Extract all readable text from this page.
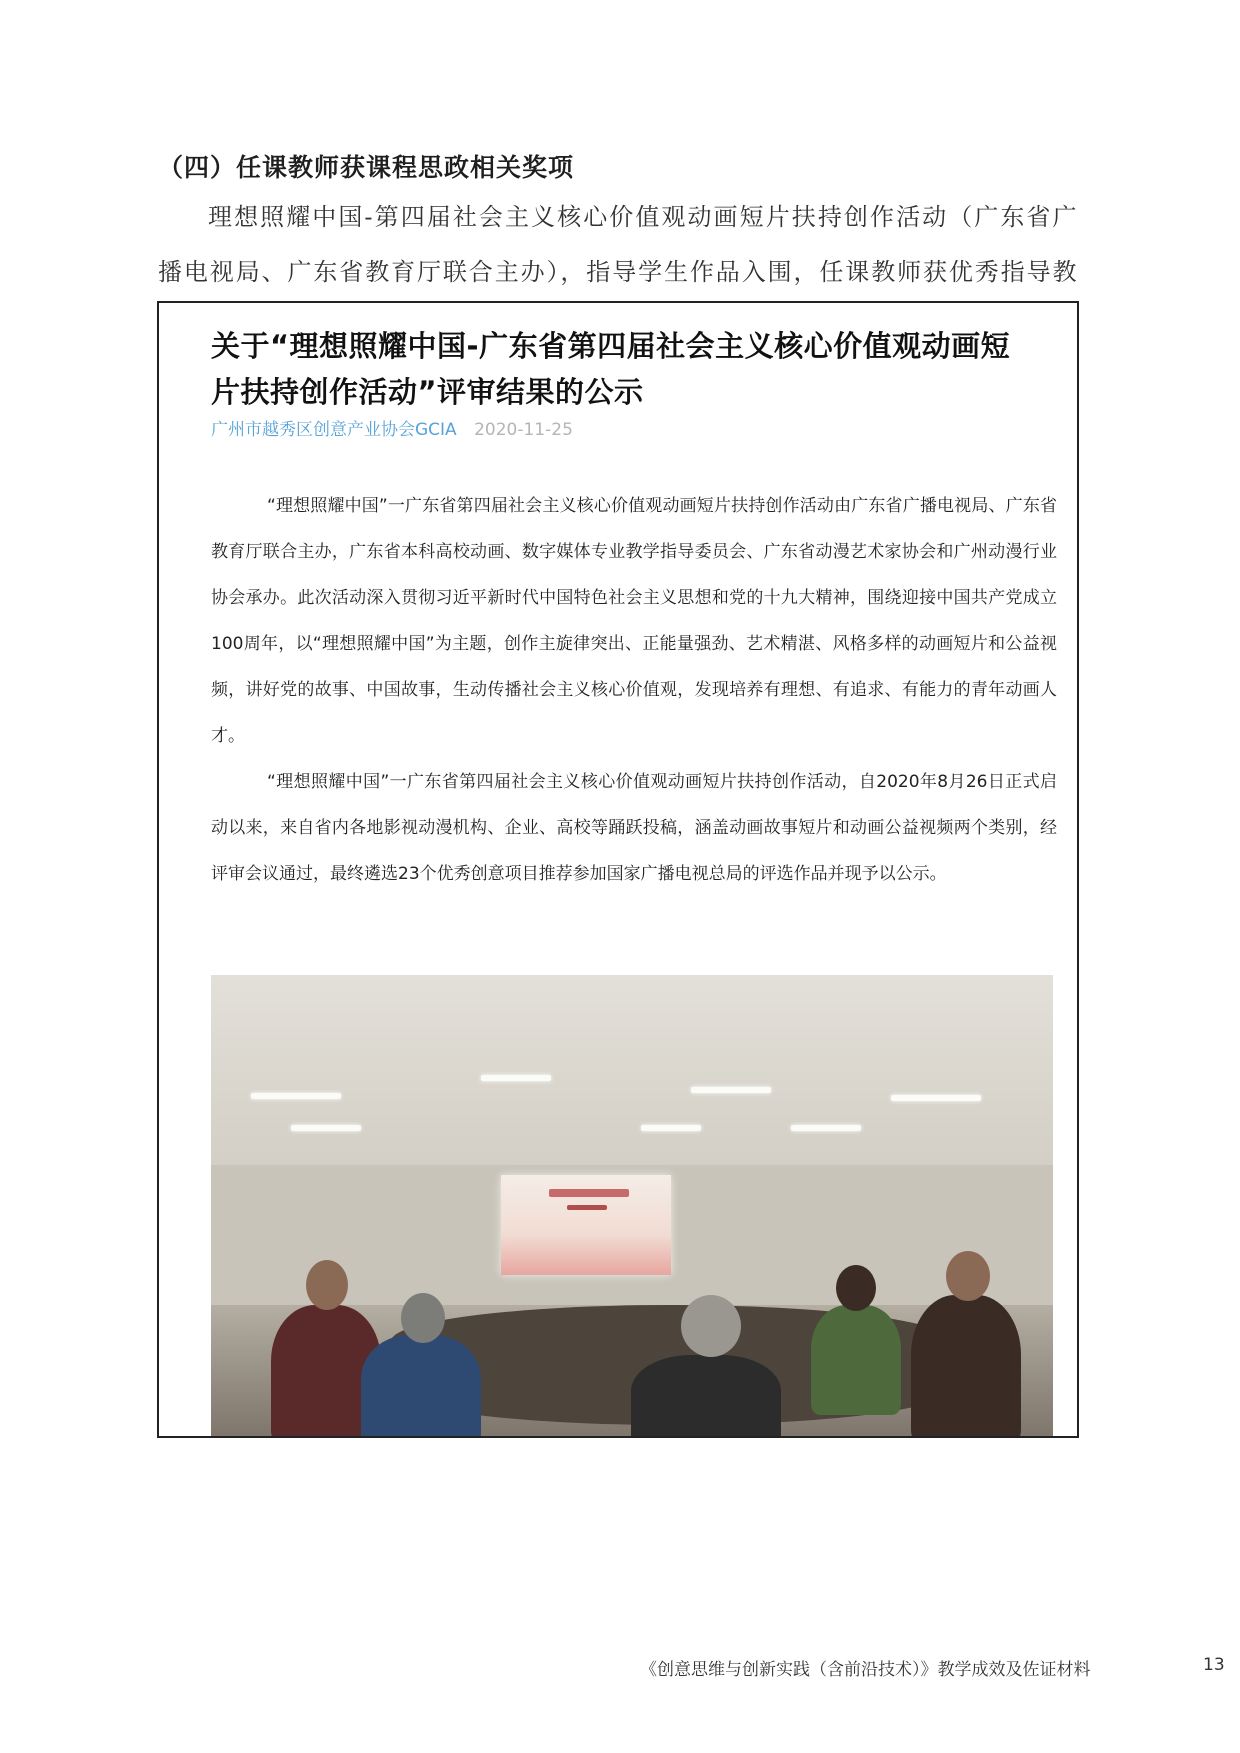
（四）任课教师获课程思政相关奖项
理想照耀中国-第四届社会主义核心价值观动画短片扶持创作活动（广东省广播电视局、广东省教育厅联合主办），指导学生作品入围，任课教师获优秀指导教
关于“理想照耀中国-广东省第四届社会主义核心价值观动画短片扶持创作活动”评审结果的公示
广州市越秀区创意产业协会GCIA 2020-11-25

“理想照耀中国”一广东省第四届社会主义核心价值观动画短片扶持创作活动由广东省广播电视局、广东省教育厅联合主办，广东省本科高校动画、数字媒体专业教学指导委员会、广东省动漫艺术家协会和广州动漫行业协会承办。此次活动深入贯彻习近平新时代中国特色社会主义思想和党的十九大精神，围绕迎接中国共产党成立100周年，以“理想照耀中国”为主题，创作主旋律突出、正能量强劲、艺术精湛、风格多样的动画短片和公益视频，讲好党的故事、中国故事，生动传播社会主义核心价值观，发现培养有理想、有追求、有能力的青年动画人才。

“理想照耀中国”一广东省第四届社会主义核心价值观动画短片扶持创作活动，自2020年8月26日正式启动以来，来自省内各地影视动漫机构、企业、高校等踊跃投稿，涵盖动画故事短片和动画公益视频两个类别，经评审会议通过，最终遴选23个优秀创意项目推荐参加国家广播电视总局的评选作品并现予以公示。

《创意思维与创新实践（含前沿技术）》教学成效及佐证材料	13
